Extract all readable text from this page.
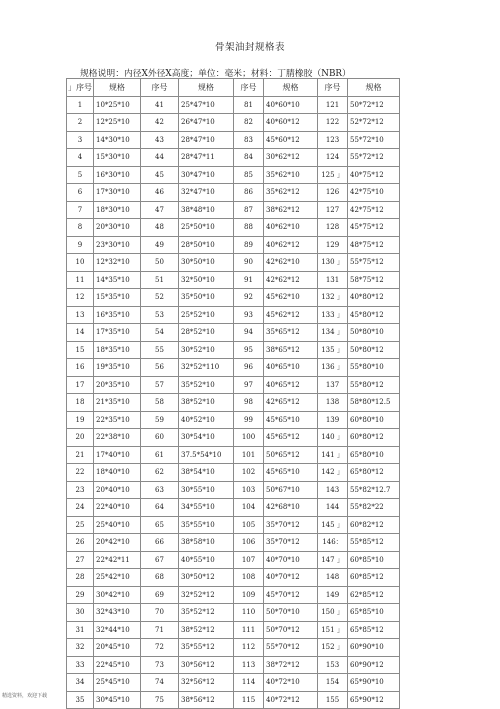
骨架油封规格表
规格说明：内径X外径X高度；单位：毫米；材料：丁腈橡胶（NBR）
」序号	规格	序号	规格	序号	规格	序号	规格
1	10*25*10	41	25*47*10	81	40*60*10	121	50*72*12
2	12*25*10	42	26*47*10	82	40*60*12	122	52*72*12
3	14*30*10	43	28*47*10	83	45*60*12	123	55*72*10
4	15*30*10	44	28*47*11	84	30*62*12	124	55*72*12
5	16*30*10	45	30*47*10	85	35*62*10	125 」	40*75*12
6	17*30*10	46	32*47*10	86	35*62*12	126	42*75*10
7	18*30*10	47	38*48*10	87	38*62*12	127	42*75*12
8	20*30*10	48	25*50*10	88	40*62*10	128	45*75*12
9	23*30*10	49	28*50*10	89	40*62*12	129	48*75*12
10	12*32*10	50	30*50*10	90	42*62*10	130 」	55*75*12
11	14*35*10	51	32*50*10	91	42*62*12	131	58*75*12
12	15*35*10	52	35*50*10	92	45*62*10	132 」	40*80*12
13	16*35*10	53	25*52*10	93	45*62*12	133 」	45*80*12
14	17*35*10	54	28*52*10	94	35*65*12	134 」	50*80*10
15	18*35*10	55	30*52*10	95	38*65*12	135 」	50*80*12
16	19*35*10	56	32*52*110	96	40*65*10	136 」	55*80*10
17	20*35*10	57	35*52*10	97	40*65*12	137	55*80*12
18	21*35*10	58	38*52*10	98	42*65*12	138	58*80*12.5
19	22*35*10	59	40*52*10	99	45*65*10	139	60*80*10
20	22*38*10	60	30*54*10	100	45*65*12	140 」	60*80*12
21	17*40*10	61	37.5*54*10	101	50*65*12	141 」	65*80*10
22	18*40*10	62	38*54*10	102	45*65*10	142 」	65*80*12
23	20*40*10	63	30*55*10	103	50*67*10	143	55*82*12.7
24	22*40*10	64	34*55*10	104	42*68*10	144	55*82*22
25	25*40*10	65	35*55*10	105	35*70*12	145 」	60*82*12
26	20*42*10	66	38*58*10	106	35*70*12	146：	55*85*12
27	22*42*11	67	40*55*10	107	40*70*10	147 」	60*85*10
28	25*42*10	68	30*50*12	108	40*70*12	148	60*85*12
29	30*42*10	69	32*52*12	109	45*70*12	149	62*85*12
30	32*43*10	70	35*52*12	110	50*70*10	150 」	65*85*10
31	32*44*10	71	38*52*12	111	50*70*12	151 」	65*85*12
32	20*45*10	72	35*55*12	112	55*70*12	152 」	60*90*10
33	22*45*10	73	30*56*12	113	38*72*12	153	60*90*12
34	25*45*10	74	32*56*12	114	40*72*10	154	65*90*10
35	30*45*10	75	38*56*12	115	40*72*12	155	65*90*12
精选资料，欢迎下载
